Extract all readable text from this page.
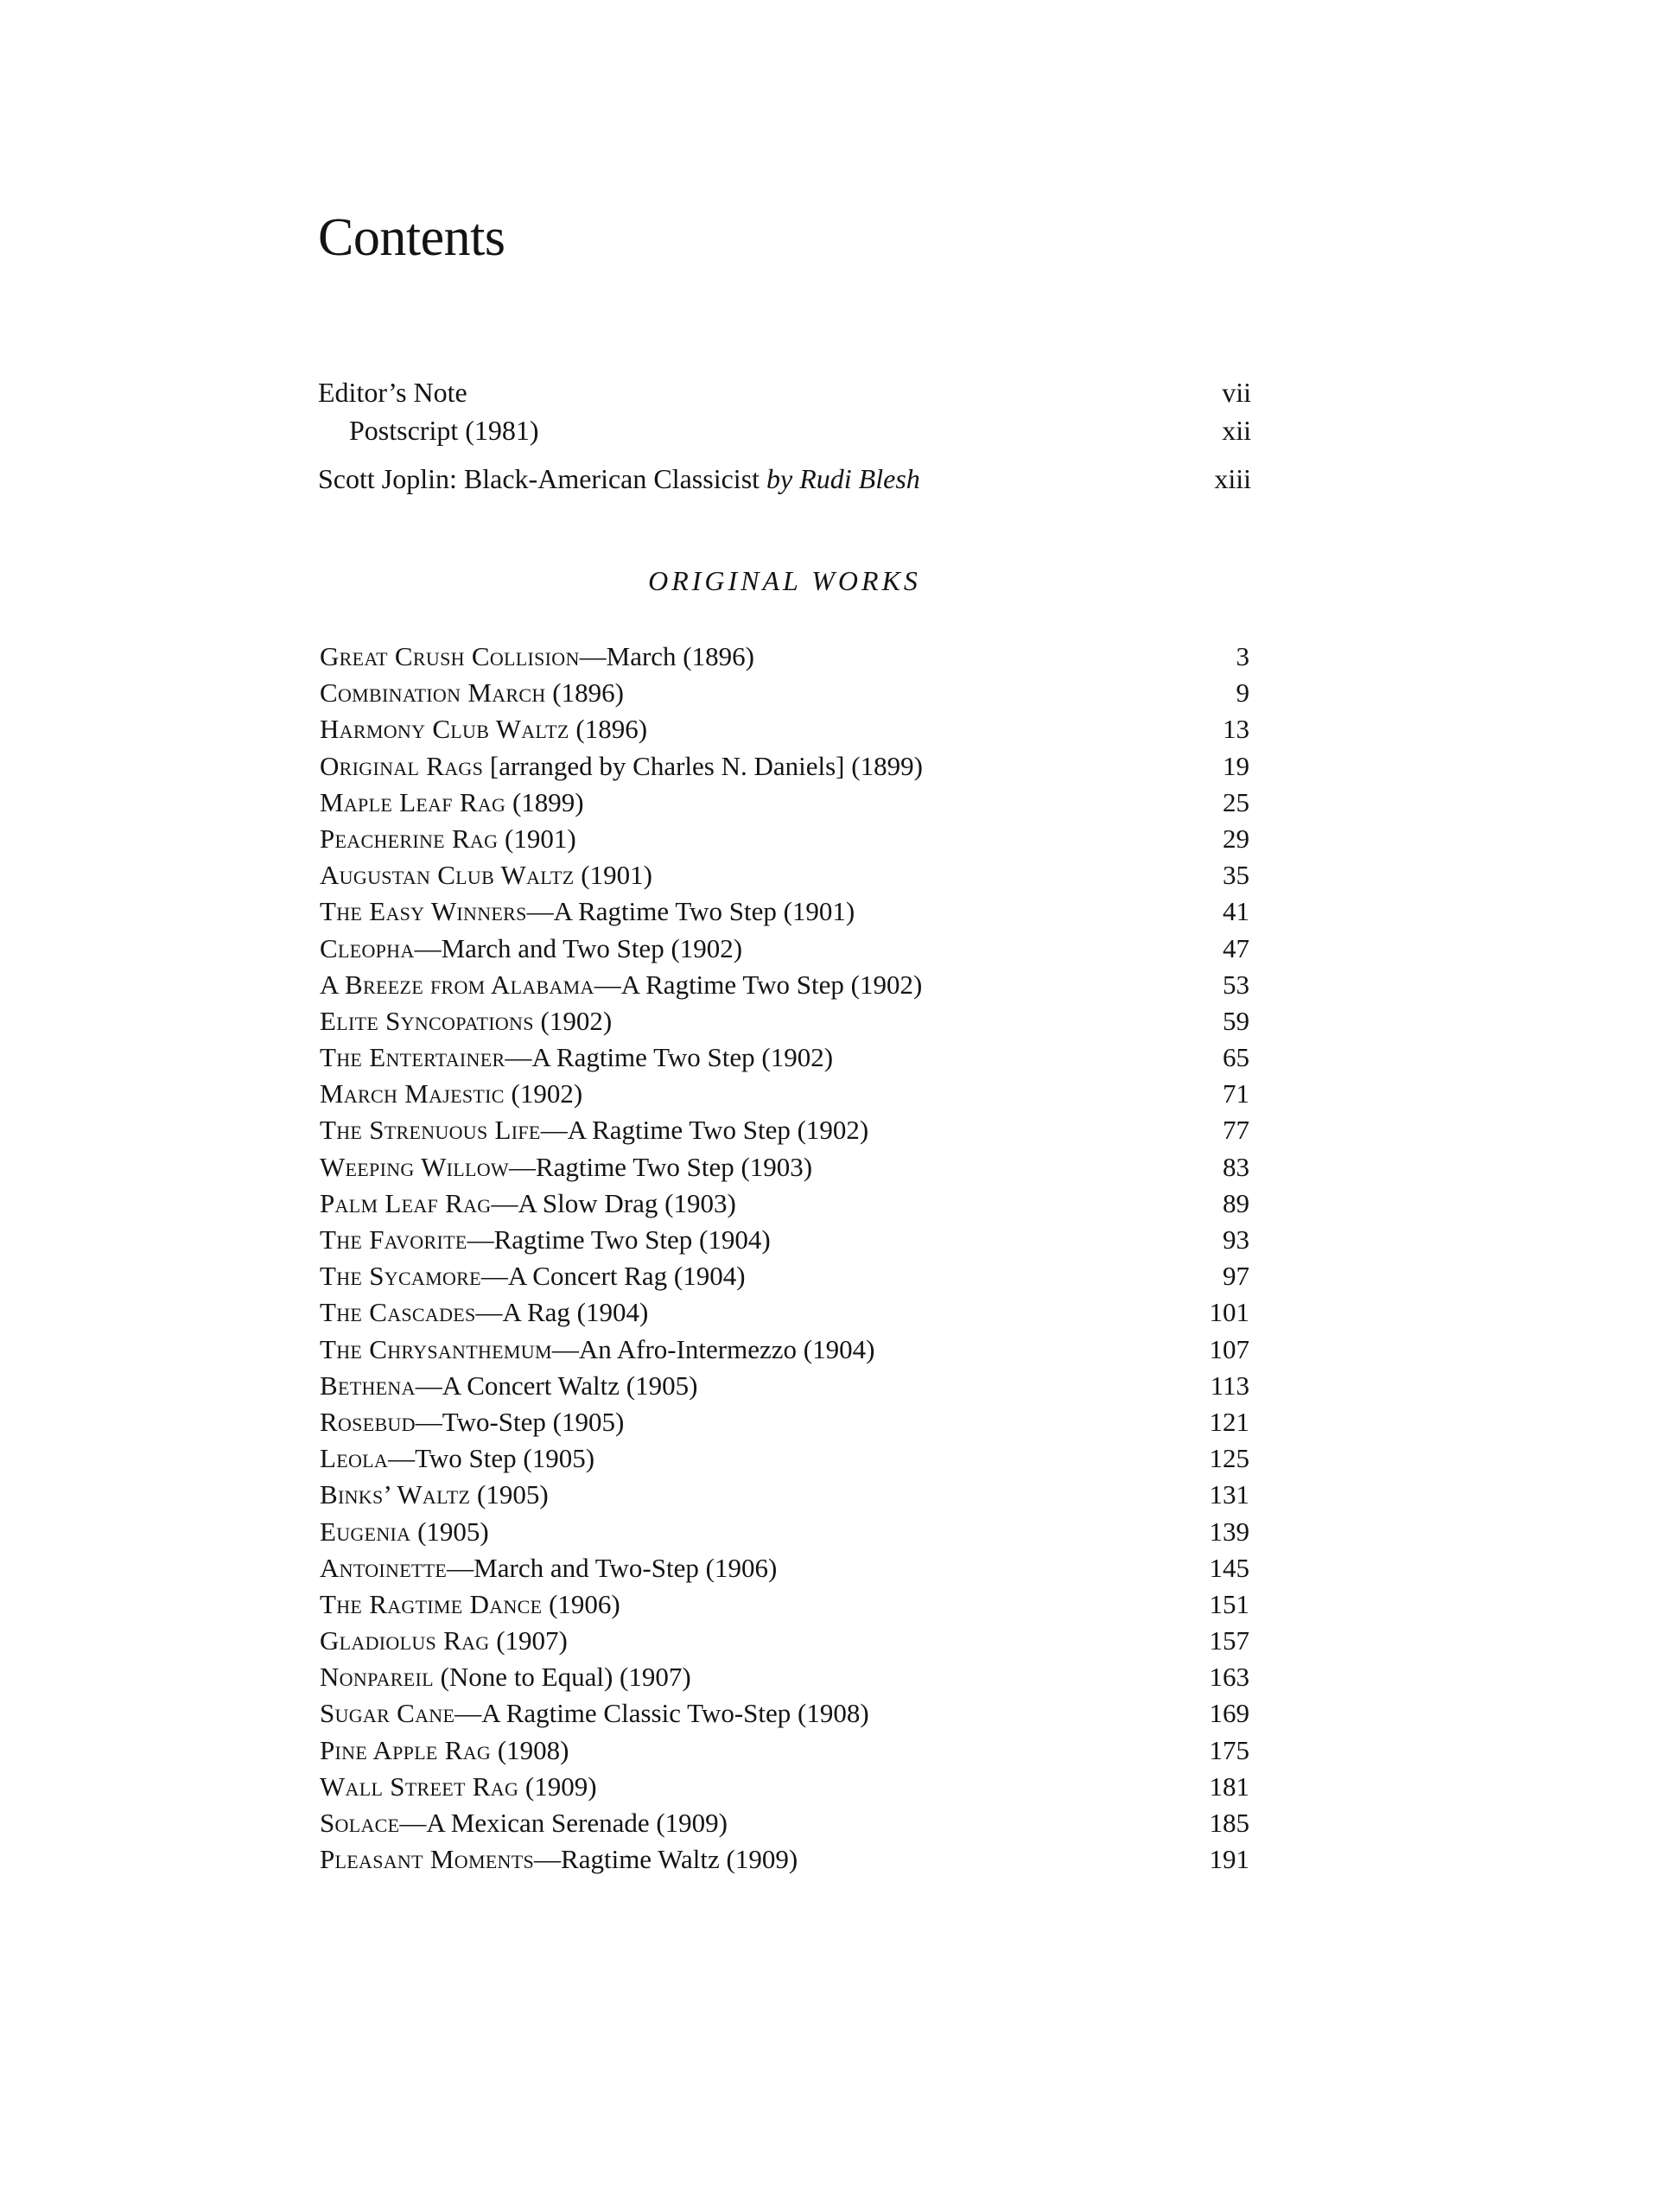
Contents
Editor’s Note	vii
Postscript (1981)	xii
Scott Joplin: Black-American Classicist by Rudi Blesh	xiii
ORIGINAL WORKS
Great Crush Collision—March (1896)	3
Combination March (1896)	9
Harmony Club Waltz (1896)	13
Original Rags [arranged by Charles N. Daniels] (1899)	19
Maple Leaf Rag (1899)	25
Peacherine Rag (1901)	29
Augustan Club Waltz (1901)	35
The Easy Winners—A Ragtime Two Step (1901)	41
Cleopha—March and Two Step (1902)	47
A Breeze from Alabama—A Ragtime Two Step (1902)	53
Elite Syncopations (1902)	59
The Entertainer—A Ragtime Two Step (1902)	65
March Majestic (1902)	71
The Strenuous Life—A Ragtime Two Step (1902)	77
Weeping Willow—Ragtime Two Step (1903)	83
Palm Leaf Rag—A Slow Drag (1903)	89
The Favorite—Ragtime Two Step (1904)	93
The Sycamore—A Concert Rag (1904)	97
The Cascades—A Rag (1904)	101
The Chrysanthemum—An Afro-Intermezzo (1904)	107
Bethena—A Concert Waltz (1905)	113
Rosebud—Two-Step (1905)	121
Leola—Two Step (1905)	125
Binks’ Waltz (1905)	131
Eugenia (1905)	139
Antoinette—March and Two-Step (1906)	145
The Ragtime Dance (1906)	151
Gladiolus Rag (1907)	157
Nonpareil (None to Equal) (1907)	163
Sugar Cane—A Ragtime Classic Two-Step (1908)	169
Pine Apple Rag (1908)	175
Wall Street Rag (1909)	181
Solace—A Mexican Serenade (1909)	185
Pleasant Moments—Ragtime Waltz (1909)	191
